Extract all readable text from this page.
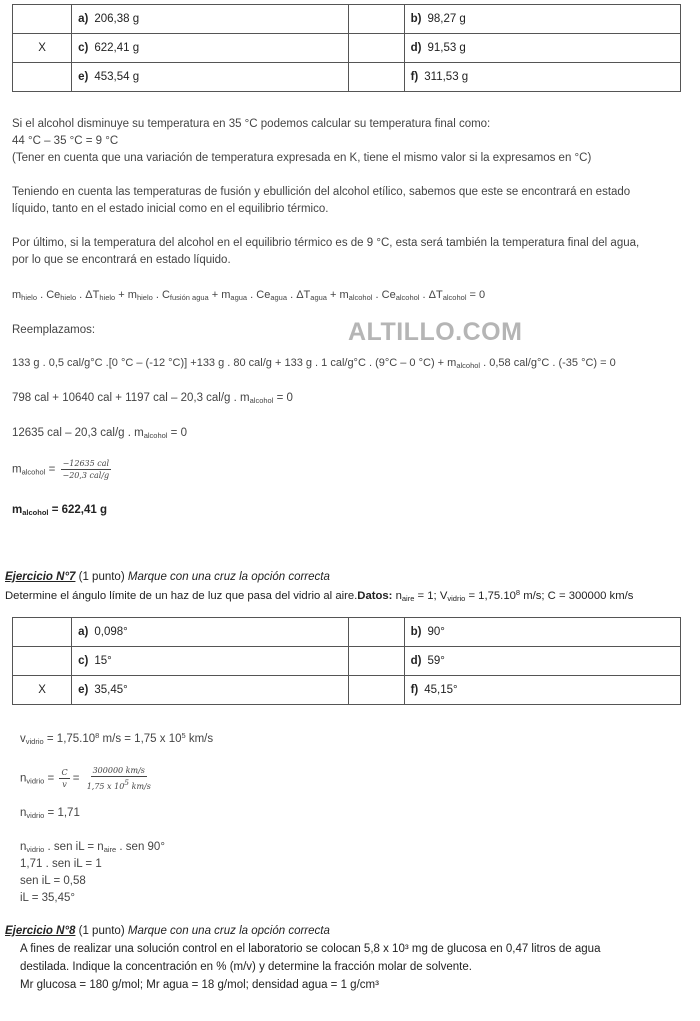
	a) 206,38 g		b) 98,27 g
X	c) 622,41 g		d) 91,53 g
	e) 453,54 g		f) 311,53 g
Si el alcohol disminuye su temperatura en 35 °C podemos calcular su temperatura final como:
44 °C – 35 °C = 9 °C
(Tener en cuenta que una variación de temperatura expresada en K, tiene el mismo valor si la expresamos en °C)
Teniendo en cuenta las temperaturas de fusión y ebullición del alcohol etílico, sabemos que este se encontrará en estado
líquido, tanto en el estado inicial como en el equilibrio térmico.
Por último, si la temperatura del alcohol en el equilibrio térmico es de 9 °C, esta será también la temperatura final del agua,
por lo que se encontrará en estado líquido.
$m_{hielo}$ . $Ce_{hielo}$ . $\Delta T_{hielo} + m_{hielo}$ . $C_{fusión agua} + m_{agua}$ . $Ce_{agua}$ . $\Delta T_{agua} + m_{alcohol}$ . $Ce_{alcohol}$ . $\Delta T_{alcohol} = 0$
Reemplazamos:	ALTILLO.COM
133 g . 0,5 cal/g°C .[0 °C – (-12 °C)] +133 g . 80 cal/g + 133 g . 1 cal/g°C . (9°C – 0 $^\circ C) + m_{alcohol}$ . 0,58 cal/g°C . (-35 °C) = 0
798 cal + 10640 cal + 1197 cal – 20,3 cal/g . $m_{alcohol} = 0$
12635 cal – 20,3 cal/g . $m_{alcohol} = 0$
$m_{alcohol} = \frac{\text{−12635 cal}}{\text{−20,3 cal/g}}$
$m_{alcohol} = 622,41$ g
Ejercicio N°7 (1 punto) Marque con una cruz la opción correcta
Determine el ángulo límite de un haz de luz que pasa del vidrio al aire.Datos: $n_{aire} = 1$; $V_{vidrio} = 1,75.10^8$ m/s; C = 300000 km/s
	a) 0,098°		b) 90°
	c) 15°		d) 59°
X	e) 35,45°		f) 45,15°
$v_{vidrio} = 1,75.10^8$ m/s = 1,75 x $10^5$ km/s
$n_{vidrio} = \frac{C}{v} = \frac{300000 km/s}{1,75 x 10^5 km/s}$
$n_{vidrio} = 1,71$
$n_{vidrio}$ . sen iL = $n_{aire}$ . sen 90°
1,71 . sen iL = 1
sen iL = 0,58
iL = 35,45°
Ejercicio N°8 (1 punto) Marque con una cruz la opción correcta
A fines de realizar una solución control en el laboratorio se colocan 5,8 x 10³ mg de glucosa en 0,47 litros de agua
destilada. Indique la concentración en % (m/v) y determine la fracción molar de solvente.
Mr glucosa = 180 g/mol; Mr agua = 18 g/mol; densidad agua = 1 g/cm³
